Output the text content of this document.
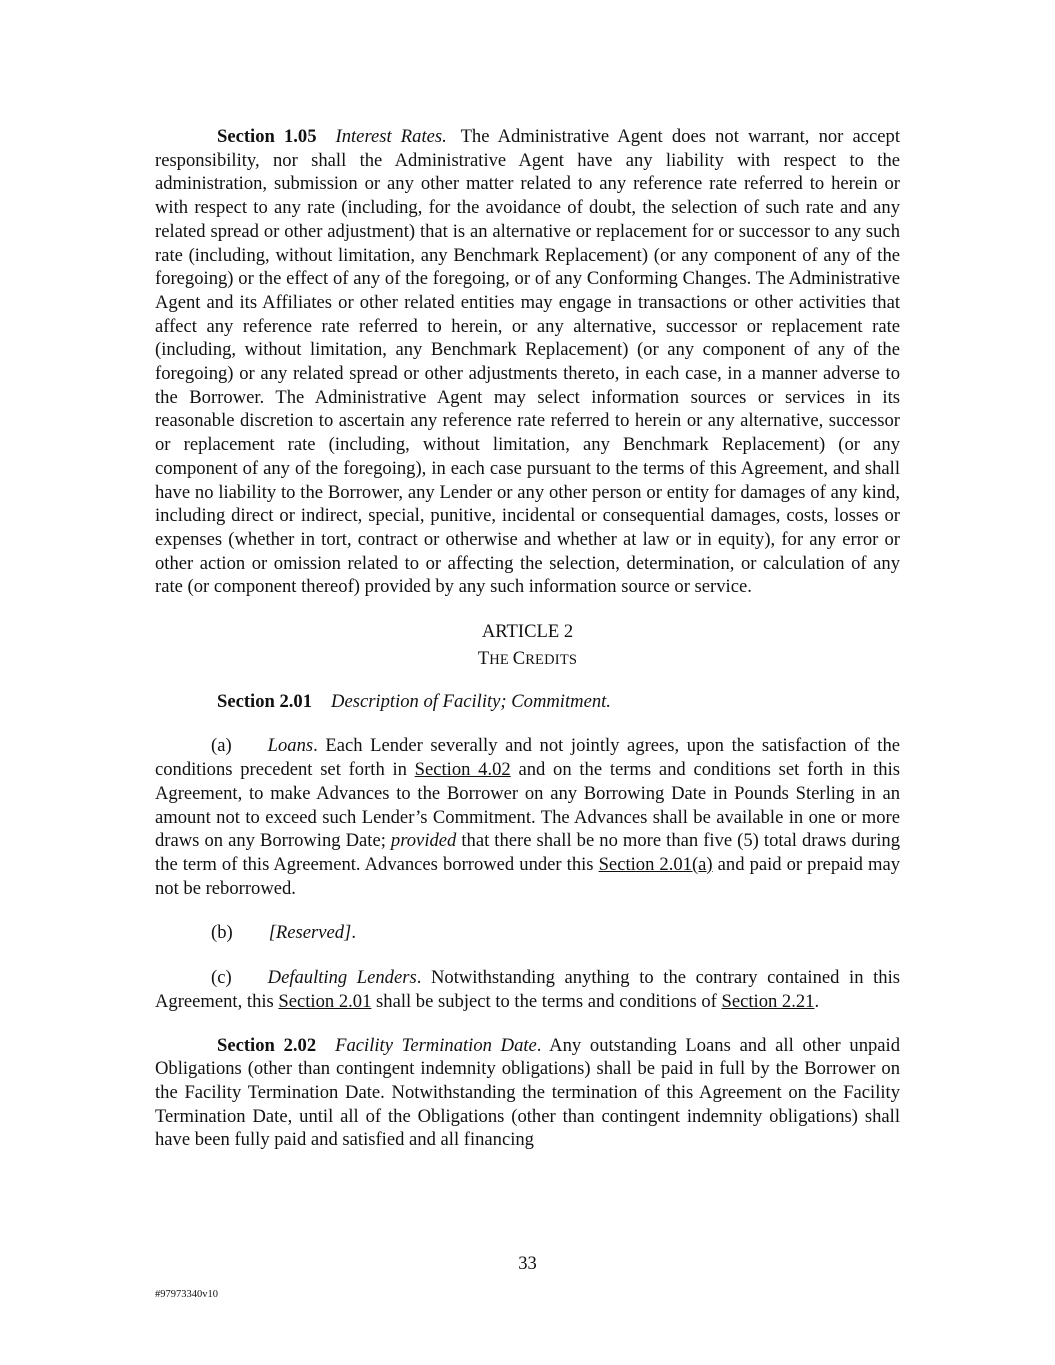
Section 1.05 Interest Rates. The Administrative Agent does not warrant, nor accept responsibility, nor shall the Administrative Agent have any liability with respect to the administration, submission or any other matter related to any reference rate referred to herein or with respect to any rate (including, for the avoidance of doubt, the selection of such rate and any related spread or other adjustment) that is an alternative or replacement for or successor to any such rate (including, without limitation, any Benchmark Replacement) (or any component of any of the foregoing) or the effect of any of the foregoing, or of any Conforming Changes. The Administrative Agent and its Affiliates or other related entities may engage in transactions or other activities that affect any reference rate referred to herein, or any alternative, successor or replacement rate (including, without limitation, any Benchmark Replacement) (or any component of any of the foregoing) or any related spread or other adjustments thereto, in each case, in a manner adverse to the Borrower. The Administrative Agent may select information sources or services in its reasonable discretion to ascertain any reference rate referred to herein or any alternative, successor or replacement rate (including, without limitation, any Benchmark Replacement) (or any component of any of the foregoing), in each case pursuant to the terms of this Agreement, and shall have no liability to the Borrower, any Lender or any other person or entity for damages of any kind, including direct or indirect, special, punitive, incidental or consequential damages, costs, losses or expenses (whether in tort, contract or otherwise and whether at law or in equity), for any error or other action or omission related to or affecting the selection, determination, or calculation of any rate (or component thereof) provided by any such information source or service.

ARTICLE 2
THE CREDITS

Section 2.01 Description of Facility; Commitment.

(a) Loans. Each Lender severally and not jointly agrees, upon the satisfaction of the conditions precedent set forth in Section 4.02 and on the terms and conditions set forth in this Agreement, to make Advances to the Borrower on any Borrowing Date in Pounds Sterling in an amount not to exceed such Lender’s Commitment. The Advances shall be available in one or more draws on any Borrowing Date; provided that there shall be no more than five (5) total draws during the term of this Agreement. Advances borrowed under this Section 2.01(a) and paid or prepaid may not be reborrowed.

(b) [Reserved].

(c) Defaulting Lenders. Notwithstanding anything to the contrary contained in this Agreement, this Section 2.01 shall be subject to the terms and conditions of Section 2.21.

Section 2.02 Facility Termination Date. Any outstanding Loans and all other unpaid Obligations (other than contingent indemnity obligations) shall be paid in full by the Borrower on the Facility Termination Date. Notwithstanding the termination of this Agreement on the Facility Termination Date, until all of the Obligations (other than contingent indemnity obligations) shall have been fully paid and satisfied and all financing

33
#97973340v10
